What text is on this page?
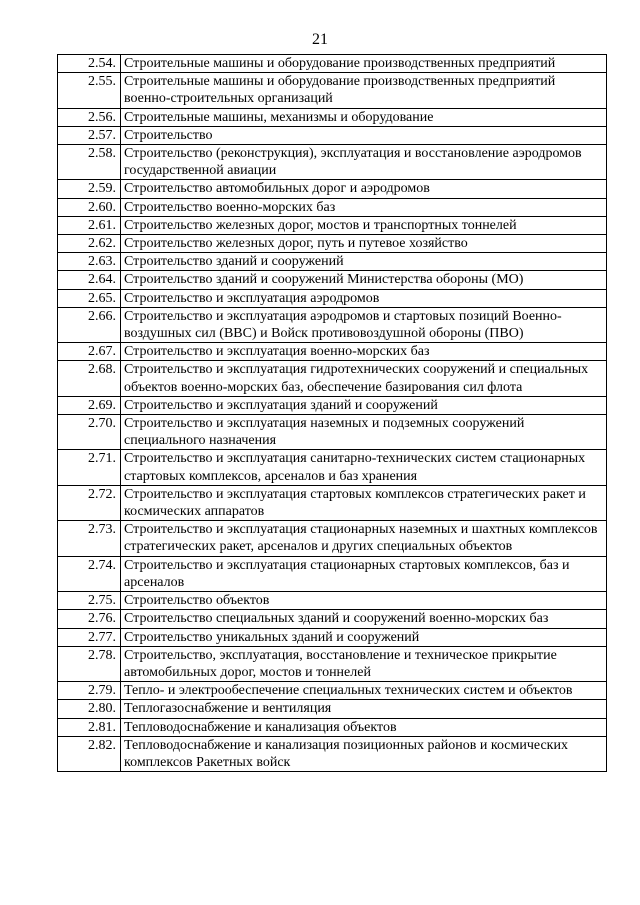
21
2.54.	Строительные машины и оборудование производственных предприятий
2.55.	Строительные машины и оборудование производственных предприятий военно-строительных организаций
2.56.	Строительные машины, механизмы и оборудование
2.57.	Строительство
2.58.	Строительство (реконструкция), эксплуатация и восстановление аэродромов государственной авиации
2.59.	Строительство автомобильных дорог и аэродромов
2.60.	Строительство военно-морских баз
2.61.	Строительство железных дорог, мостов и транспортных тоннелей
2.62.	Строительство железных дорог, путь и путевое хозяйство
2.63.	Строительство зданий и сооружений
2.64.	Строительство зданий и сооружений Министерства обороны (МО)
2.65.	Строительство и эксплуатация аэродромов
2.66.	Строительство и эксплуатация аэродромов и стартовых позиций Военно-воздушных сил (ВВС) и Войск противовоздушной обороны (ПВО)
2.67.	Строительство и эксплуатация военно-морских баз
2.68.	Строительство и эксплуатация гидротехнических сооружений и специальных объектов военно-морских баз, обеспечение базирования сил флота
2.69.	Строительство и эксплуатация зданий и сооружений
2.70.	Строительство и эксплуатация наземных и подземных сооружений специального назначения
2.71.	Строительство и эксплуатация санитарно-технических систем стационарных стартовых комплексов, арсеналов и баз хранения
2.72.	Строительство и эксплуатация стартовых комплексов стратегических ракет и космических аппаратов
2.73.	Строительство и эксплуатация стационарных наземных и шахтных комплексов стратегических ракет, арсеналов и других специальных объектов
2.74.	Строительство и эксплуатация стационарных стартовых комплексов, баз и арсеналов
2.75.	Строительство объектов
2.76.	Строительство специальных зданий и сооружений военно-морских баз
2.77.	Строительство уникальных зданий и сооружений
2.78.	Строительство, эксплуатация, восстановление и техническое прикрытие автомобильных дорог, мостов и тоннелей
2.79.	Тепло- и электрообеспечение специальных технических систем и объектов
2.80.	Теплогазоснабжение и вентиляция
2.81.	Тепловодоснабжение и канализация объектов
2.82.	Тепловодоснабжение и канализация позиционных районов и космических комплексов Ракетных войск
